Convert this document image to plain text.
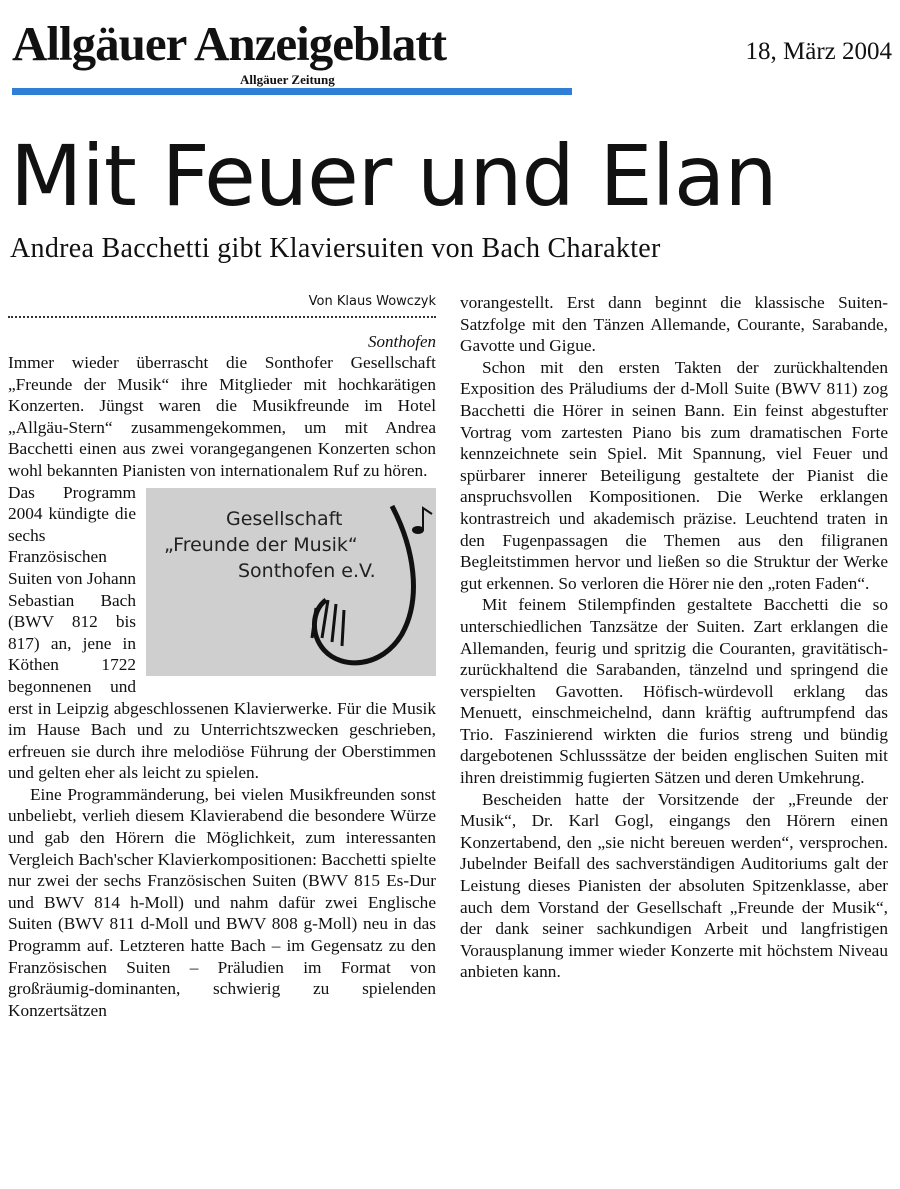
Allgäuer Anzeigeblatt
Allgäuer Zeitung
18, März 2004
Mit Feuer und Elan
Andrea Bacchetti gibt Klaviersuiten von Bach Charakter
Von Klaus Wowczyk
Sonthofen

Immer wieder überrascht die Sonthofer Gesellschaft „Freunde der Musik“ ihre Mitglieder mit hochkarätigen Konzerten. Jüngst waren die Musikfreunde im Hotel „Allgäu-Stern“ zusammengekommen, um mit Andrea Bacchetti einen aus zwei vorangegangenen Konzerten schon wohl bekannten Pianisten von internationalem Ruf zu hören.

Gesellschaft
„Freunde der Musik“
Sonthofen e.V.

Das Programm 2004 kündigte die sechs Französischen Suiten von Johann Sebastian Bach (BWV 812 bis 817) an, jene in Köthen 1722 begonnenen und erst in Leipzig abgeschlossenen Klavierwerke. Für die Musik im Hause Bach und zu Unterrichtszwecken geschrieben, erfreuen sie durch ihre melodiöse Führung der Oberstimmen und gelten eher als leicht zu spielen.

Eine Programmänderung, bei vielen Musikfreunden sonst unbeliebt, verlieh diesem Klavierabend die besondere Würze und gab den Hörern die Möglichkeit, zum interessanten Vergleich Bach'scher Klavierkompositionen: Bacchetti spielte nur zwei der sechs Französischen Suiten (BWV 815 Es-Dur und BWV 814 h-Moll) und nahm dafür zwei Englische Suiten (BWV 811 d-Moll und BWV 808 g-Moll) neu in das Programm auf. Letzteren hatte Bach – im Gegensatz zu den Französischen Suiten – Präludien im Format von großräumig-dominanten, schwierig zu spielenden Konzertsätzen

vorangestellt. Erst dann beginnt die klassische Suiten-Satzfolge mit den Tänzen Allemande, Courante, Sarabande, Gavotte und Gigue.

Schon mit den ersten Takten der zurückhaltenden Exposition des Präludiums der d-Moll Suite (BWV 811) zog Bacchetti die Hörer in seinen Bann. Ein feinst abgestufter Vortrag vom zartesten Piano bis zum dramatischen Forte kennzeichnete sein Spiel. Mit Spannung, viel Feuer und spürbarer innerer Beteiligung gestaltete der Pianist die anspruchsvollen Kompositionen. Die Werke erklangen kontrastreich und akademisch präzise. Leuchtend traten in den Fugenpassagen die Themen aus den filigranen Begleitstimmen hervor und ließen so die Struktur der Werke gut erkennen. So verloren die Hörer nie den „roten Faden“.

Mit feinem Stilempfinden gestaltete Bacchetti die so unterschiedlichen Tanzsätze der Suiten. Zart erklangen die Allemanden, feurig und spritzig die Couranten, gravitätisch-zurückhaltend die Sarabanden, tänzelnd und springend die verspielten Gavotten. Höfisch-würdevoll erklang das Menuett, einschmeichelnd, dann kräftig auftrumpfend das Trio. Faszinierend wirkten die furios streng und bündig dargebotenen Schlusssätze der beiden englischen Suiten mit ihren dreistimmig fugierten Sätzen und deren Umkehrung.

Bescheiden hatte der Vorsitzende der „Freunde der Musik“, Dr. Karl Gogl, eingangs den Hörern einen Konzertabend, den „sie nicht bereuen werden“, versprochen. Jubelnder Beifall des sachverständigen Auditoriums galt der Leistung dieses Pianisten der absoluten Spitzenklasse, aber auch dem Vorstand der Gesellschaft „Freunde der Musik“, der dank seiner sachkundigen Arbeit und langfristigen Vorausplanung immer wieder Konzerte mit höchstem Niveau anbieten kann.
